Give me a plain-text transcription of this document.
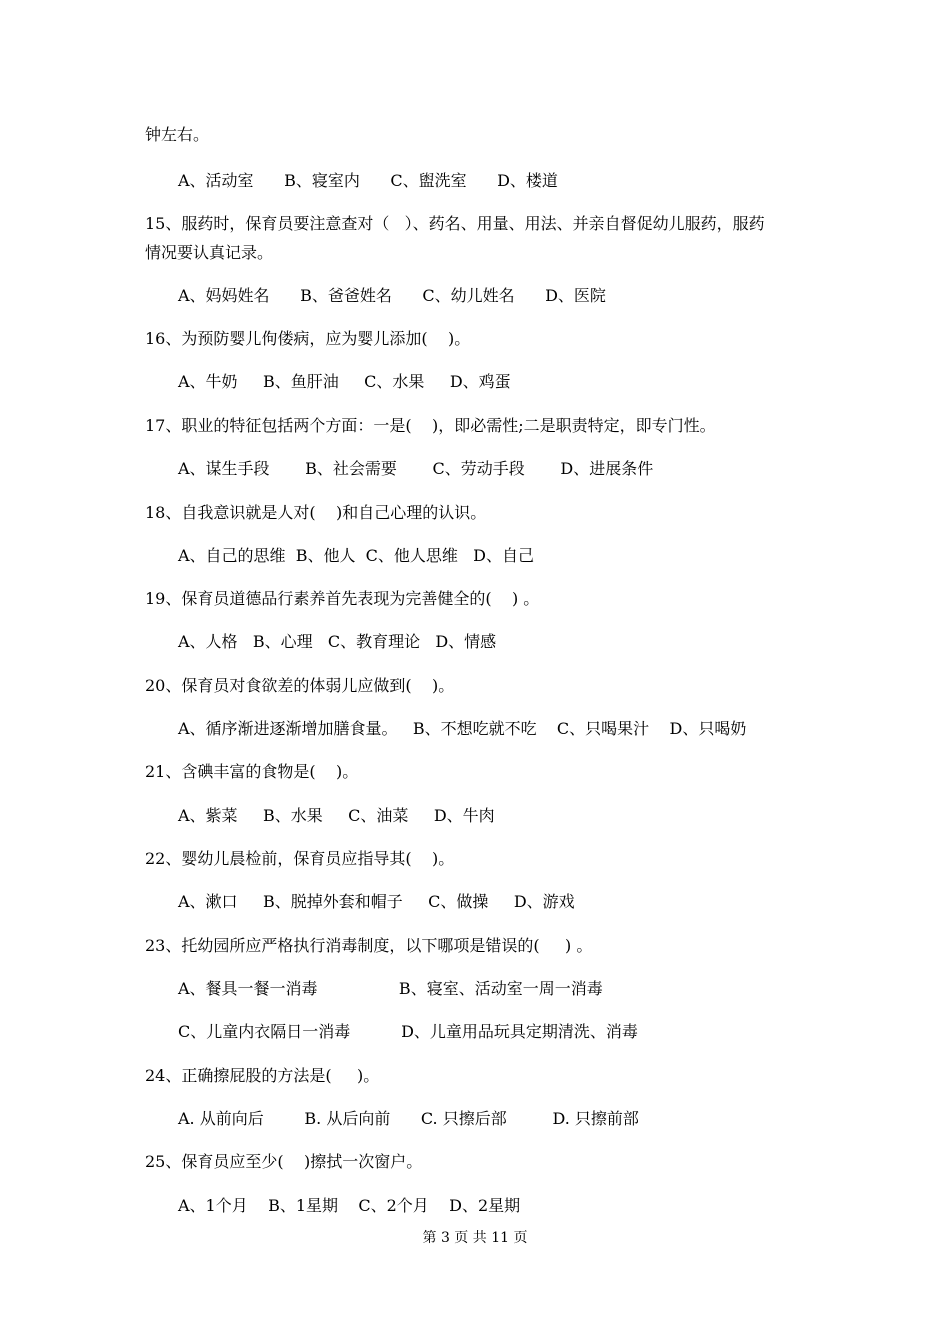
钟左右。
A、活动室      B、寝室内      C、盥洗室      D、楼道
15、服药时，保育员要注意查对（   ）、药名、用量、用法、并亲自督促幼儿服药，服药
情况要认真记录。
A、妈妈姓名      B、爸爸姓名      C、幼儿姓名      D、医院
16、为预防婴儿佝偻病，应为婴儿添加(    )。
A、牛奶     B、鱼肝油     C、水果     D、鸡蛋
17、职业的特征包括两个方面：一是(    )，即必需性;二是职责特定，即专门性。
A、谋生手段       B、社会需要       C、劳动手段       D、进展条件
18、自我意识就是人对(    )和自己心理的认识。
A、自己的思维  B、他人  C、他人思维   D、自己
19、保育员道德品行素养首先表现为完善健全的(    ) 。
A、人格   B、心理   C、教育理论   D、情感
20、保育员对食欲差的体弱儿应做到(    )。
A、循序渐进逐渐增加膳食量。   B、不想吃就不吃    C、只喝果汁    D、只喝奶
21、含碘丰富的食物是(    )。
A、紫菜     B、水果     C、油菜     D、牛肉
22、婴幼儿晨检前，保育员应指导其(    )。
A、漱口     B、脱掉外套和帽子     C、做操     D、游戏
23、托幼园所应严格执行消毒制度，以下哪项是错误的(     ) 。
A、餐具一餐一消毒                B、寝室、活动室一周一消毒
C、儿童内衣隔日一消毒          D、儿童用品玩具定期清洗、消毒
24、正确擦屁股的方法是(     )。
A. 从前向后        B. 从后向前      C. 只擦后部         D. 只擦前部
25、保育员应至少(    )擦拭一次窗户。
A、1个月    B、1星期    C、2个月    D、2星期
第 3 页 共 11 页
